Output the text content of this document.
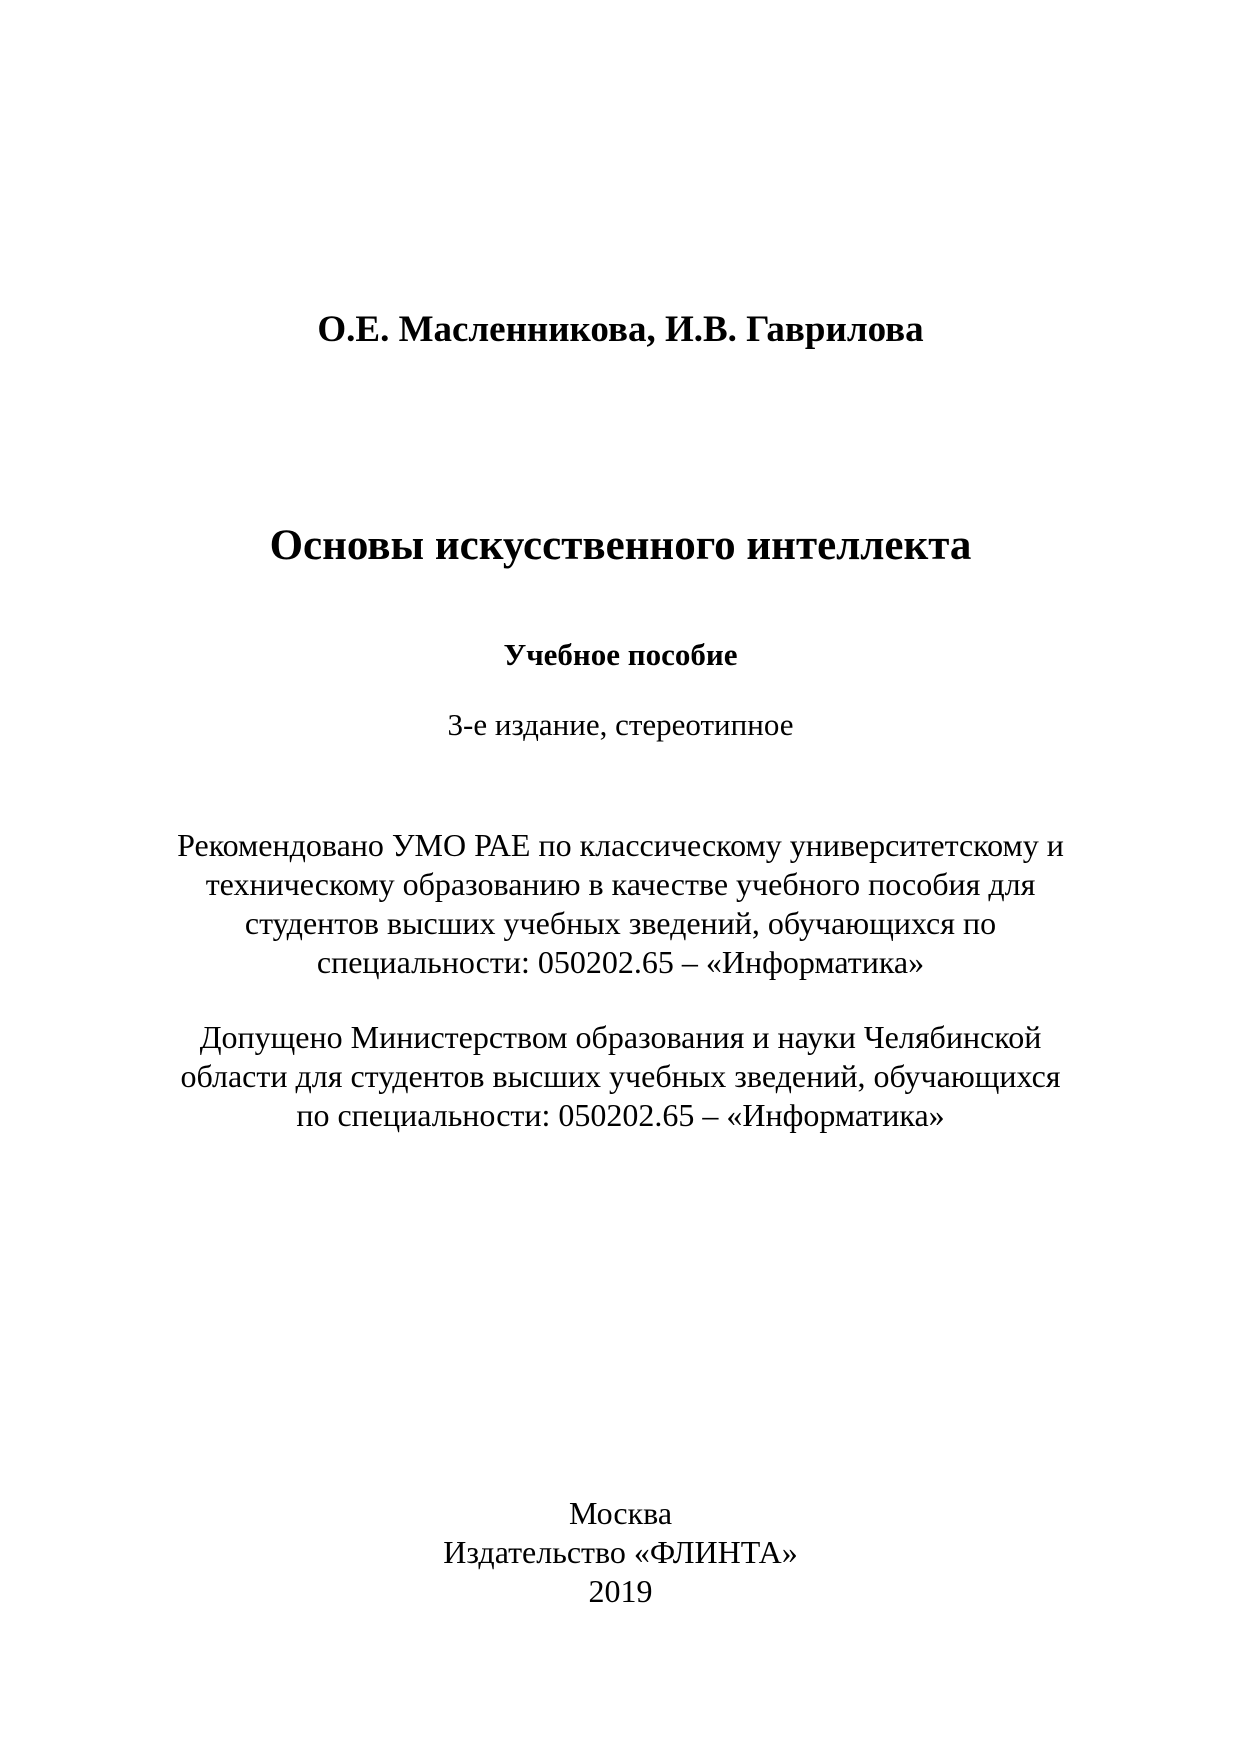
О.Е. Масленникова, И.В. Гаврилова
Основы искусственного интеллекта
Учебное пособие
3-е издание, стереотипное
Рекомендовано УМО РАЕ по классическому университетскому и
техническому образованию в качестве учебного пособия для
студентов высших учебных зведений, обучающихся по
специальности: 050202.65 – «Информатика»
Допущено Министерством образования и науки Челябинской
области для студентов высших учебных зведений, обучающихся
по специальности: 050202.65 – «Информатика»
Москва
Издательство «ФЛИНТА»
2019
